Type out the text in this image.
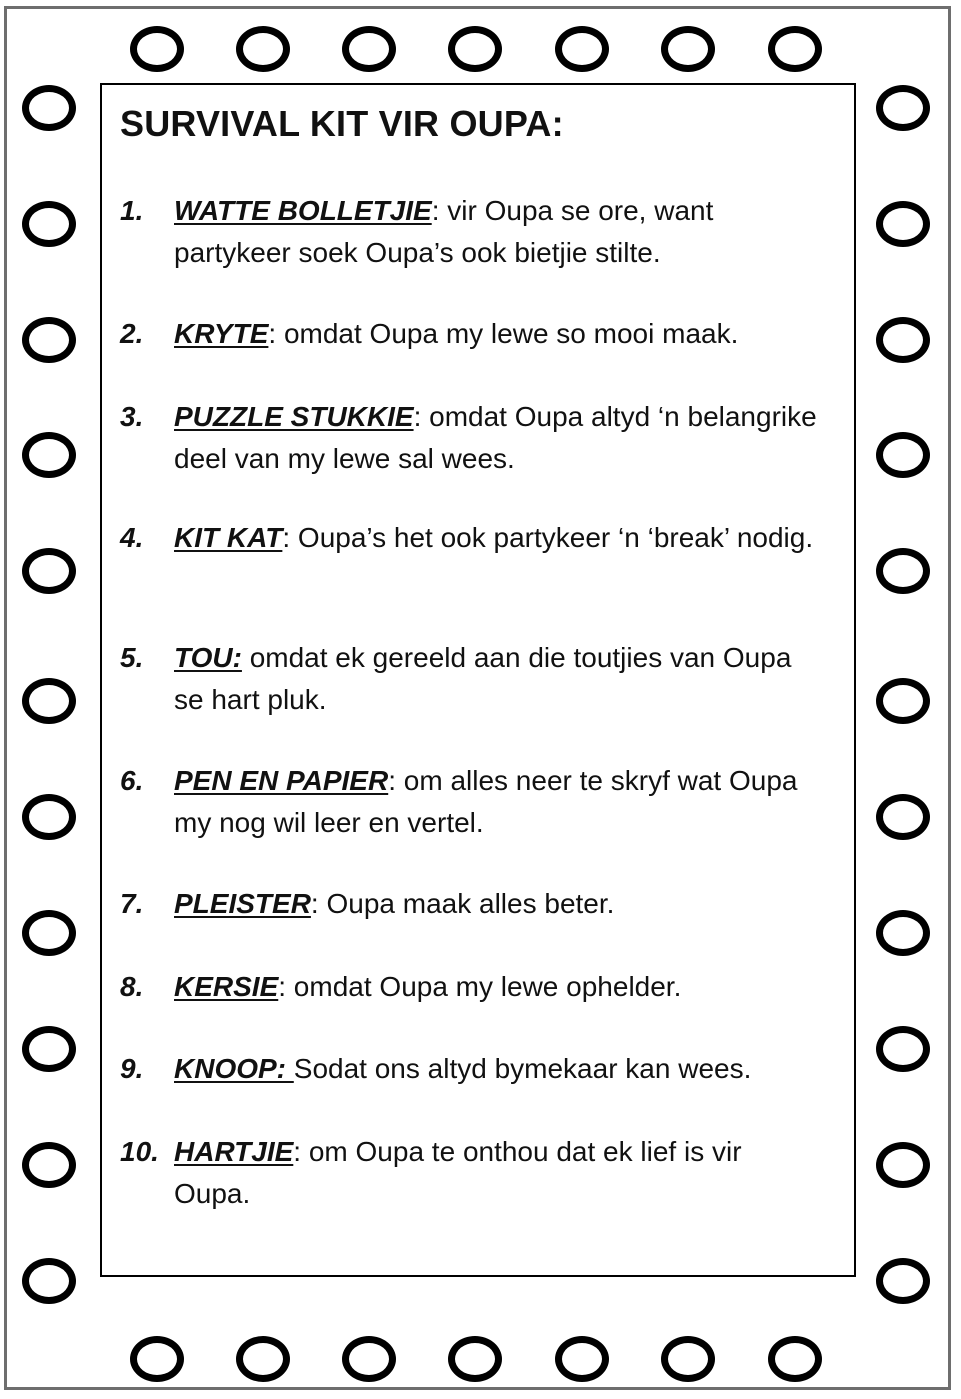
SURVIVAL KIT VIR OUPA:
1. WATTE BOLLETJIE: vir Oupa se ore, want partykeer soek Oupa’s ook bietjie stilte.
2. KRYTE: omdat Oupa my lewe so mooi maak.
3. PUZZLE STUKKIE: omdat Oupa altyd ‘n belangrike deel van my lewe sal wees.
4. KIT KAT: Oupa’s het ook partykeer ‘n ‘break’ nodig.
5. TOU: omdat ek gereeld aan die toutjies van Oupa se hart pluk.
6. PEN EN PAPIER: om alles neer te skryf wat Oupa my nog wil leer en vertel.
7. PLEISTER: Oupa maak alles beter.
8. KERSIE: omdat Oupa my lewe ophelder.
9. KNOOP: Sodat ons altyd bymekaar kan wees.
10. HARTJIE: om Oupa te onthou dat ek lief is vir Oupa.
